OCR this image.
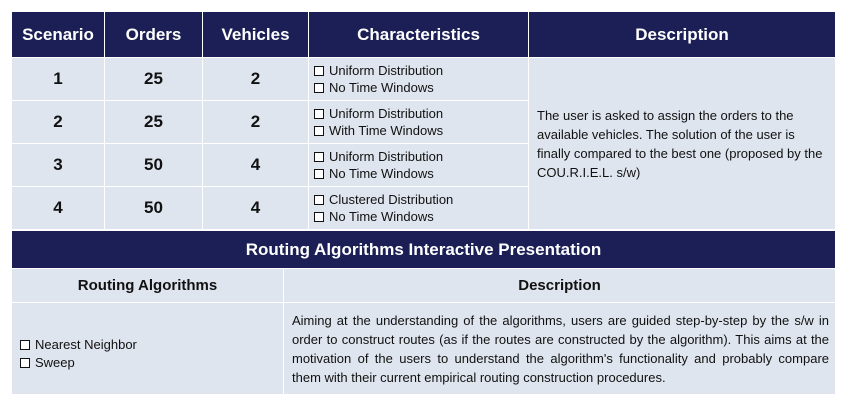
Scenario	Orders	Vehicles	Characteristics	Description
1	25	2	Uniform Distribution
No Time Windows	The user is asked to assign the orders to the available vehicles. The solution of the user is finally compared to the best one (proposed by the COU.R.I.E.L. s/w)
2	25	2	Uniform Distribution
With Time Windows	

3	50	4	Uniform Distribution
No Time Windows	

4	50	4	Clustered Distribution
No Time Windows	
Routing Algorithms Interactive Presentation	
Routing Algorithms	Description

Nearest Neighbor
Sweep	Aiming at the understanding of the algorithms, users are guided step-by-step by the s/w in order to construct routes (as if the routes are constructed by the algorithm). This aims at the motivation of the users to understand the algorithm's functionality and probably compare them with their current empirical routing construction procedures.
